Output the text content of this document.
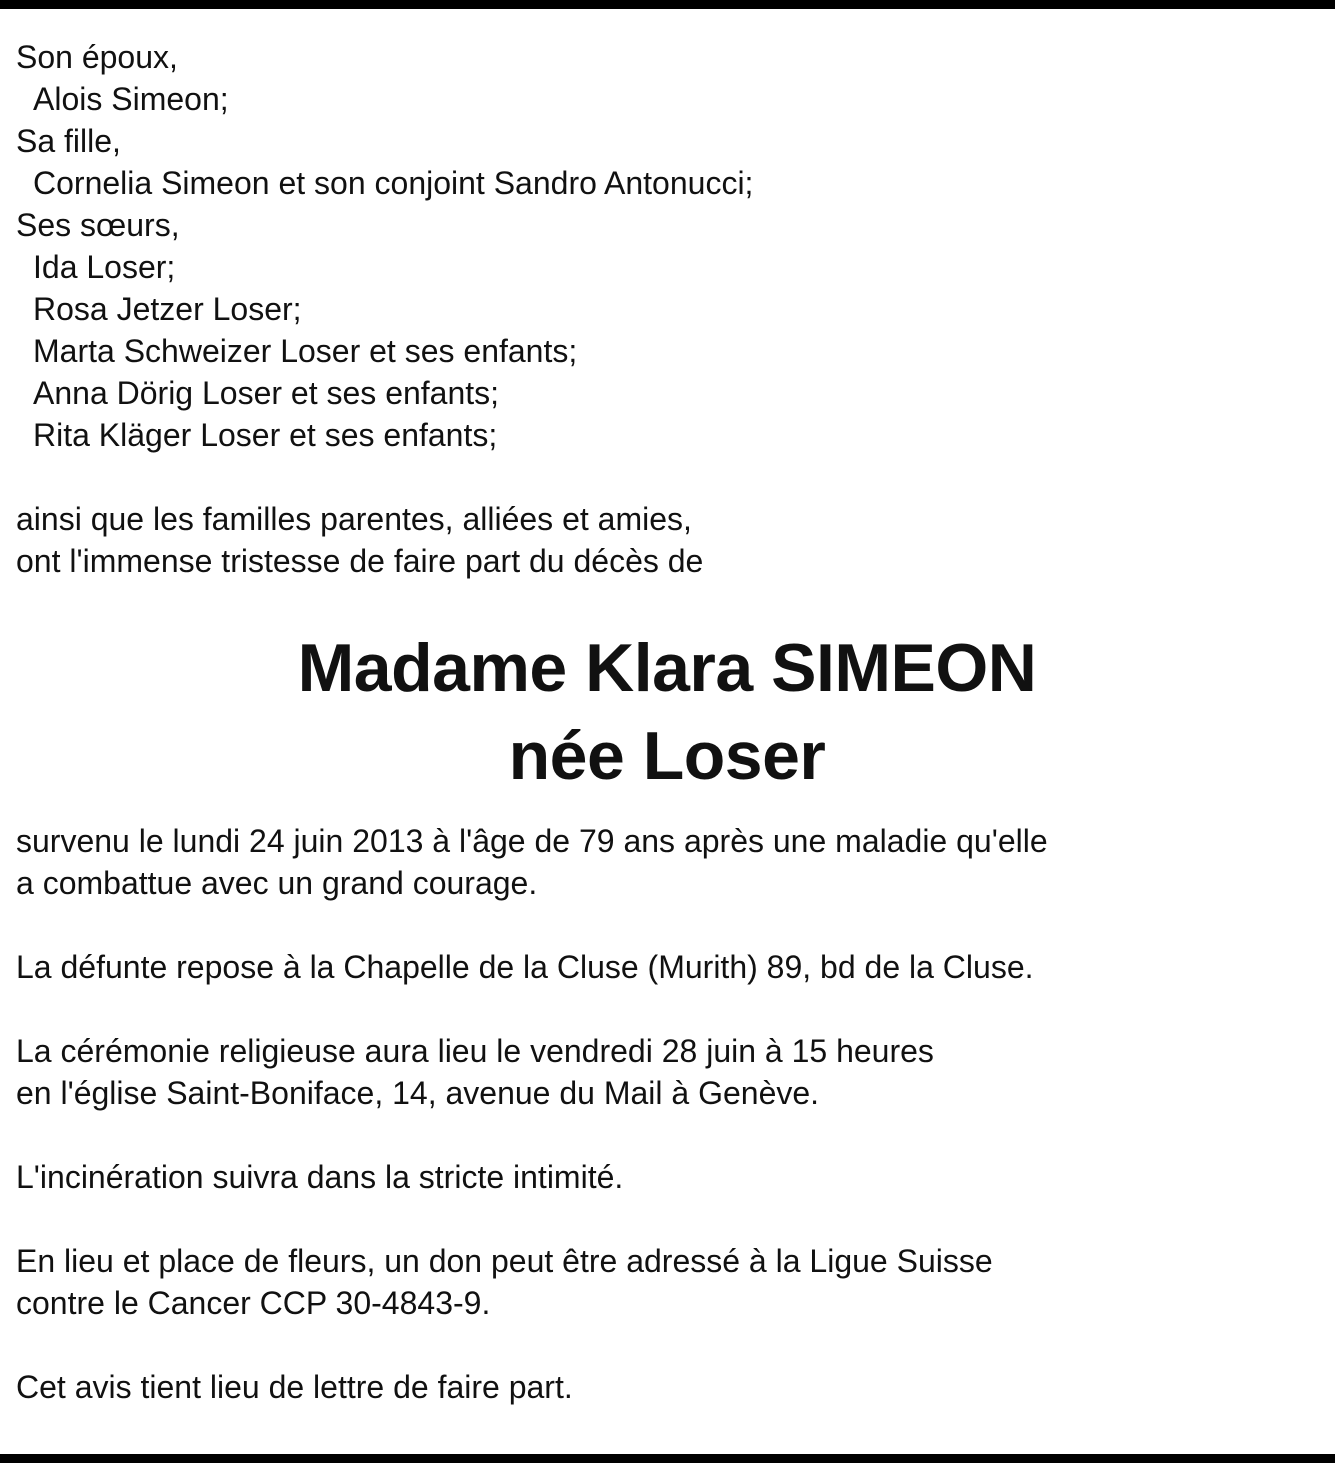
Son époux,
Alois Simeon;
Sa fille,
Cornelia Simeon et son conjoint Sandro Antonucci;
Ses sœurs,
Ida Loser;
Rosa Jetzer Loser;
Marta Schweizer Loser et ses enfants;
Anna Dörig Loser et ses enfants;
Rita Kläger Loser et ses enfants;
ainsi que les familles parentes, alliées et amies,
ont l'immense tristesse de faire part du décès de
Madame Klara SIMEON
née Loser
survenu le lundi 24 juin 2013 à l'âge de 79 ans après une maladie qu'elle
a combattue avec un grand courage.
La défunte repose à la Chapelle de la Cluse (Murith) 89, bd de la Cluse.
La cérémonie religieuse aura lieu le vendredi 28 juin à 15 heures
en l'église Saint-Boniface, 14, avenue du Mail à Genève.
L'incinération suivra dans la stricte intimité.
En lieu et place de fleurs, un don peut être adressé à la Ligue Suisse
contre le Cancer CCP 30-4843-9.
Cet avis tient lieu de lettre de faire part.
